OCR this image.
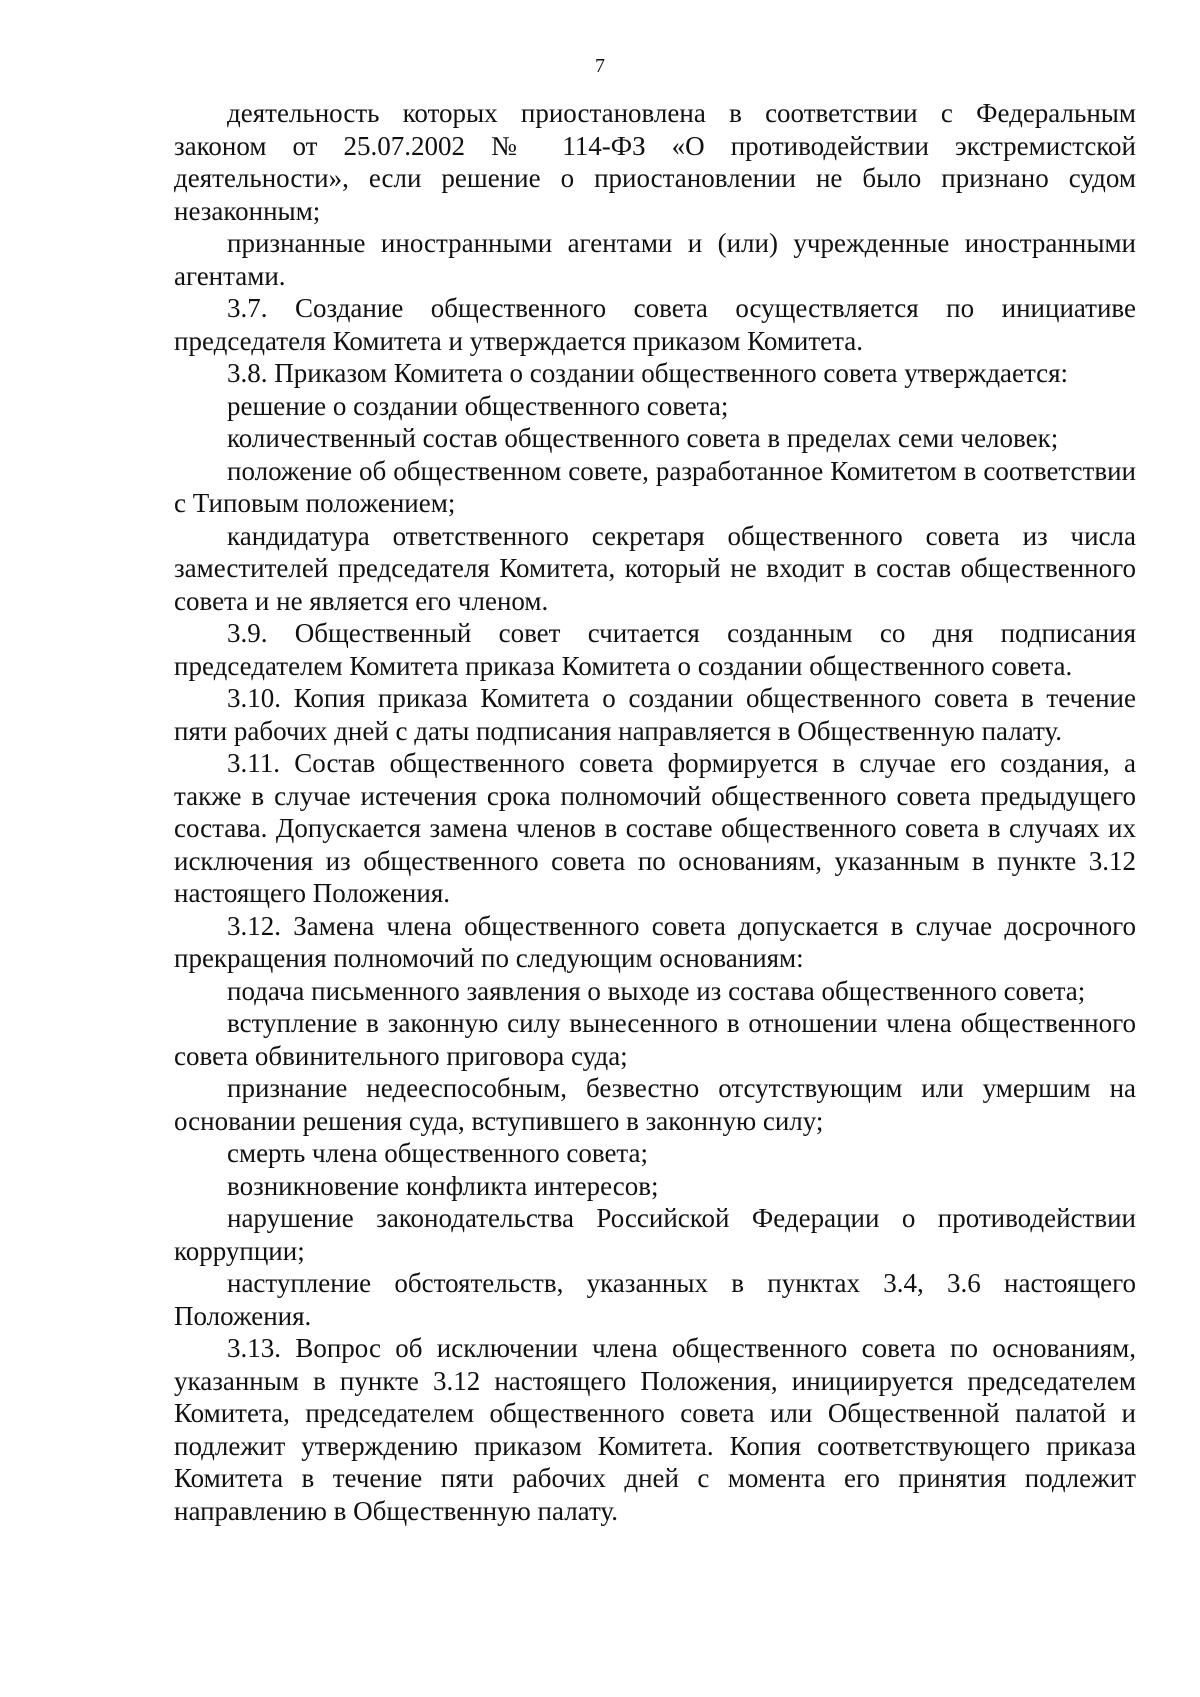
7

деятельность которых приостановлена в соответствии с Федеральным законом от 25.07.2002 № 114-ФЗ «О противодействии экстремистской деятельности», если решение о приостановлении не было признано судом незаконным;

признанные иностранными агентами и (или) учрежденные иностранными агентами.

3.7. Создание общественного совета осуществляется по инициативе председателя Комитета и утверждается приказом Комитета.

3.8. Приказом Комитета о создании общественного совета утверждается:

решение о создании общественного совета;

количественный состав общественного совета в пределах семи человек;

положение об общественном совете, разработанное Комитетом в соответствии с Типовым положением;

кандидатура ответственного секретаря общественного совета из числа заместителей председателя Комитета, который не входит в состав общественного совета и не является его членом.

3.9. Общественный совет считается созданным со дня подписания председателем Комитета приказа Комитета о создании общественного совета.

3.10. Копия приказа Комитета о создании общественного совета в течение пяти рабочих дней с даты подписания направляется в Общественную палату.

3.11. Состав общественного совета формируется в случае его создания, а также в случае истечения срока полномочий общественного совета предыдущего состава. Допускается замена членов в составе общественного совета в случаях их исключения из общественного совета по основаниям, указанным в пункте 3.12 настоящего Положения.

3.12. Замена члена общественного совета допускается в случае досрочного прекращения полномочий по следующим основаниям:

подача письменного заявления о выходе из состава общественного совета;

вступление в законную силу вынесенного в отношении члена общественного совета обвинительного приговора суда;

признание недееспособным, безвестно отсутствующим или умершим на основании решения суда, вступившего в законную силу;

смерть члена общественного совета;

возникновение конфликта интересов;

нарушение законодательства Российской Федерации о противодействии коррупции;

наступление обстоятельств, указанных в пунктах 3.4, 3.6 настоящего Положения.

3.13. Вопрос об исключении члена общественного совета по основаниям, указанным в пункте 3.12 настоящего Положения, инициируется председателем Комитета, председателем общественного совета или Общественной палатой и подлежит утверждению приказом Комитета. Копия соответствующего приказа Комитета в течение пяти рабочих дней с момента его принятия подлежит направлению в Общественную палату.
